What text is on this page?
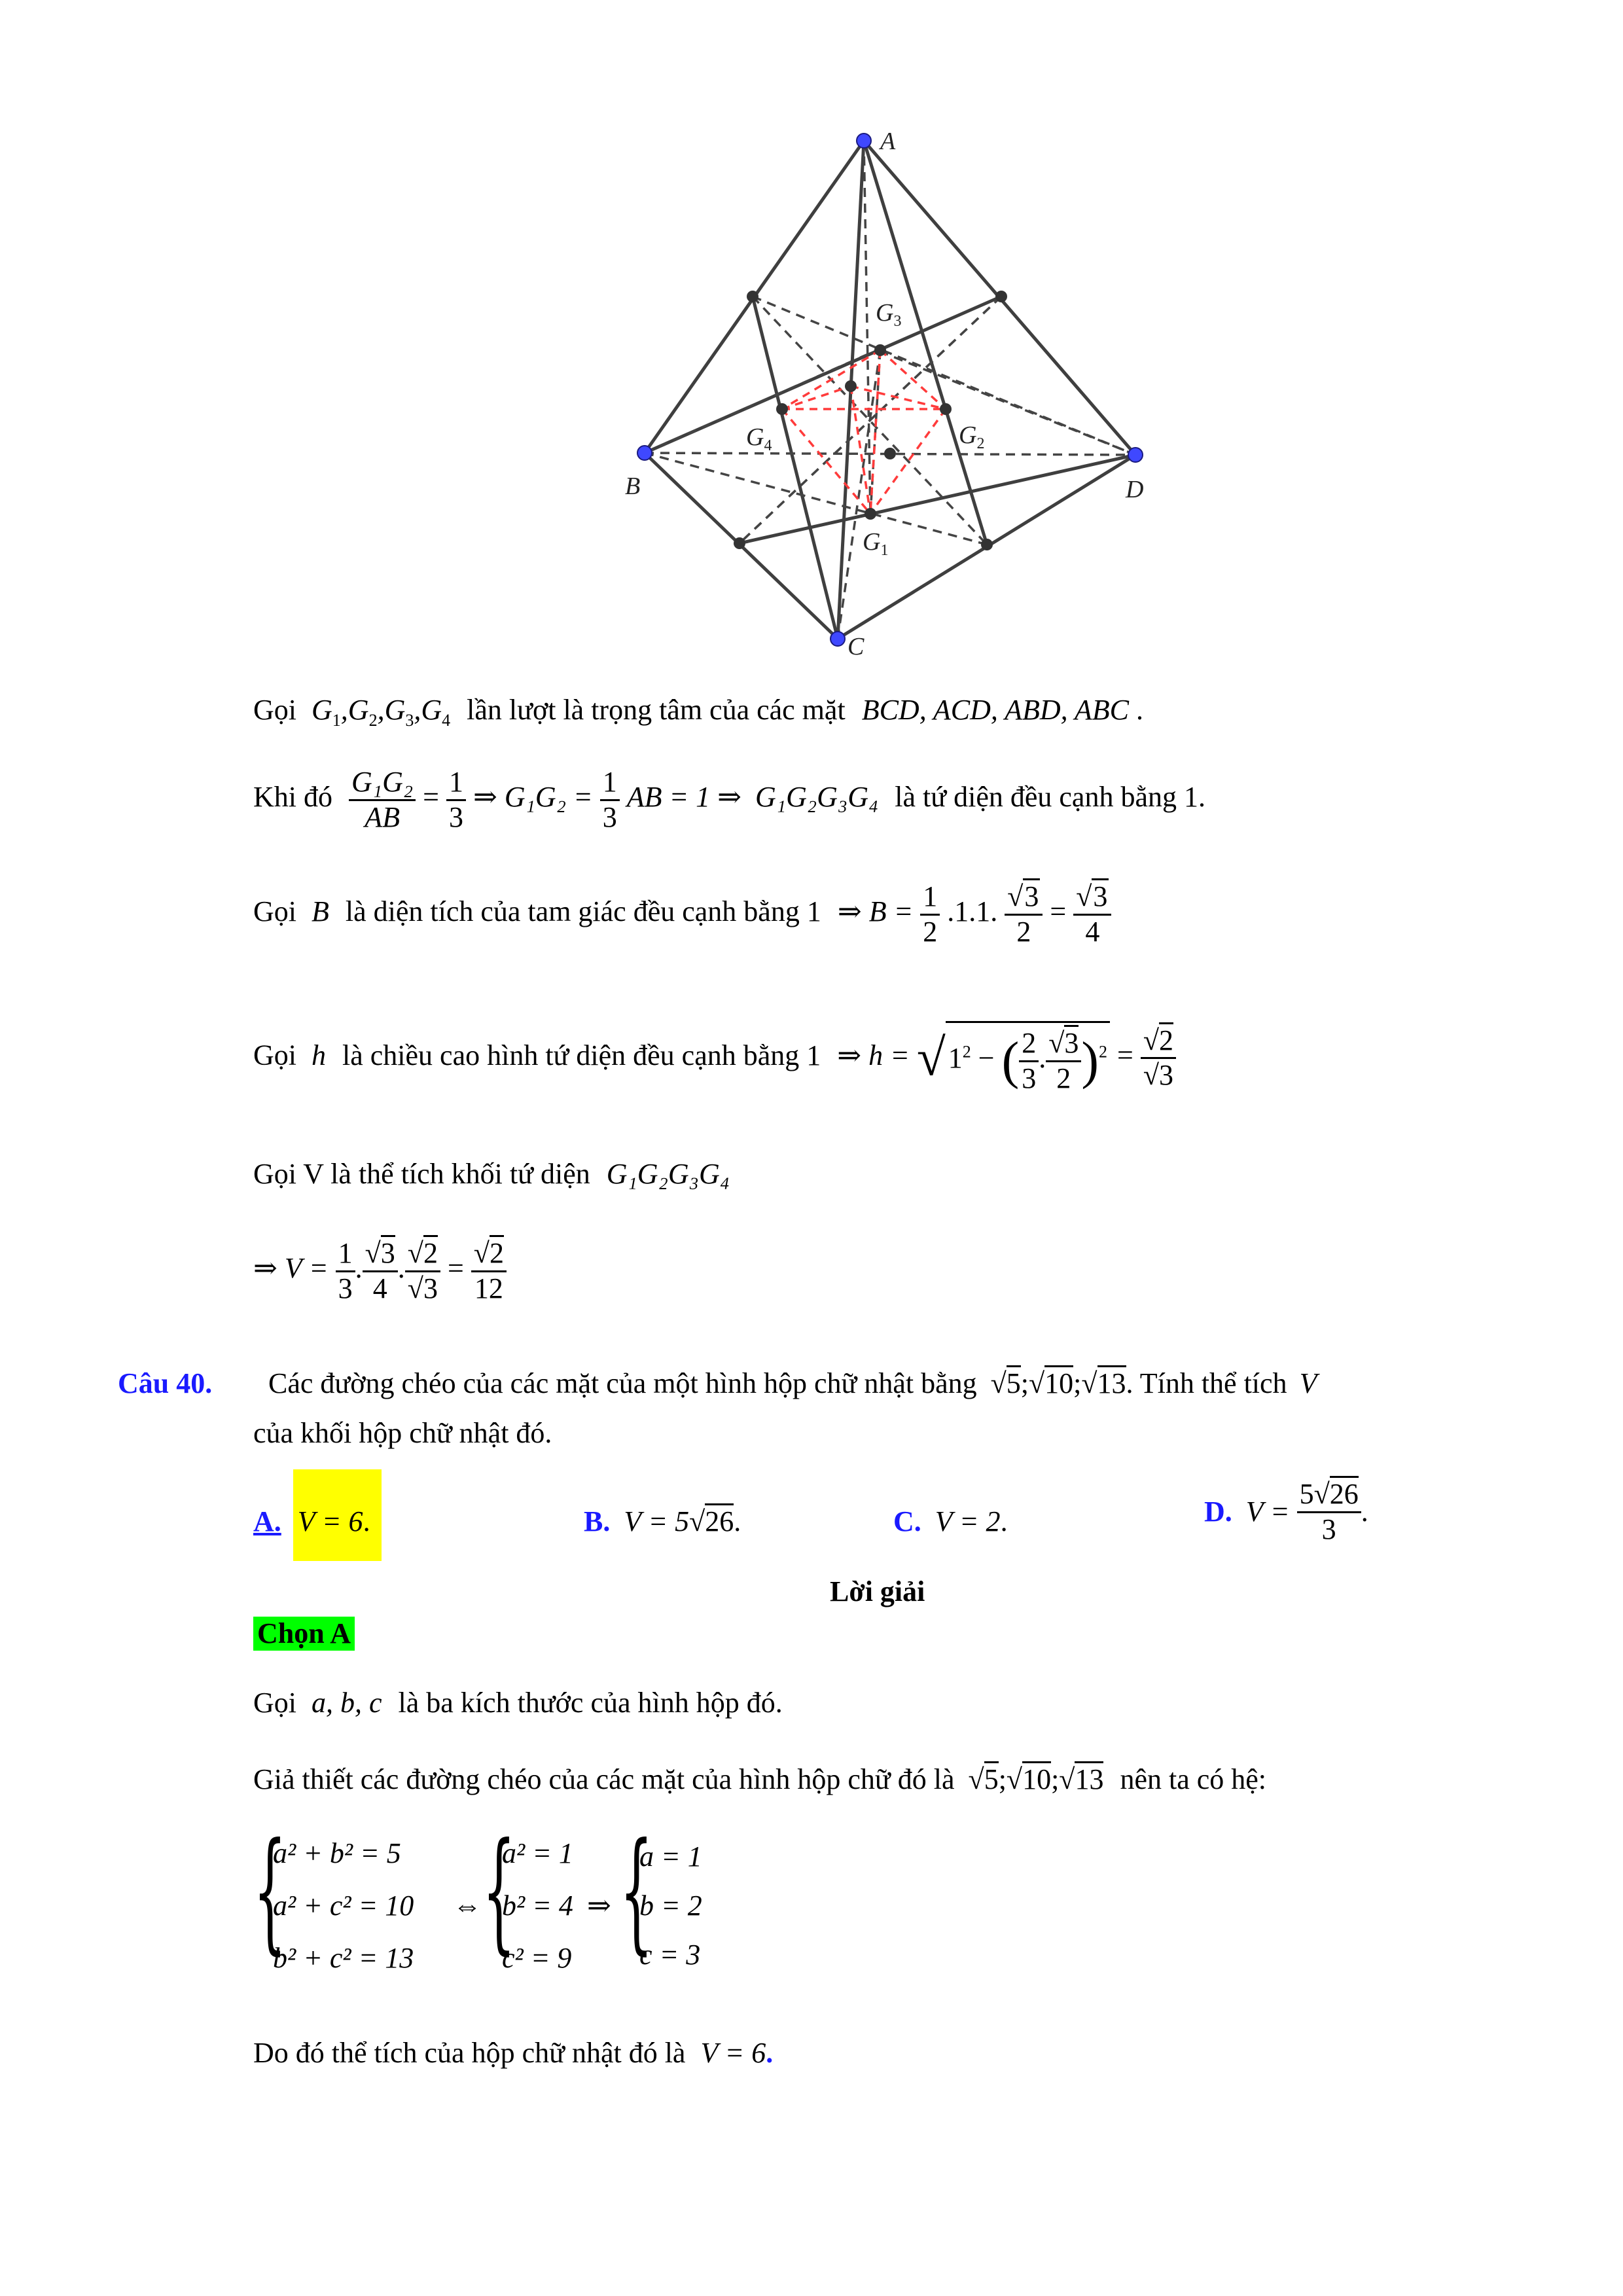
A
B
C
D
$G_3$
$G_4$	$G_2$
$G_1$
Gọi $G_1,G_2,G_3,G_4$ lần lượt là trọng tâm của các mặt BCD, ACD, ABD, ABC .
Khi đó $\frac{\text{G₁G₂}}{AB} = \frac{1}{3}$ ⇒ $G_1G_2 = \frac{1}{3}$ AB = 1 ⇒ G₁G₂G₃G₄ là tứ diện đều cạnh bằng 1.
Gọi B là diện tích của tam giác đều cạnh bằng 1 ⇒ $B = \frac{1}{2} .1.1$. $\frac{√3}{2} = \frac{√3}{4}$
Gọi h là chiều cao hình tứ diện đều cạnh bằng 1 ⇒ $h = √1^2$ − ( $\frac{2}{3}$ . $\frac{√3}{2} )^2 = \frac{√2}{√3}$
Gọi V là thể tích khối tứ diện G₁G₂G₃G₄
⇒ $V = \frac{1}{3}$ . $\frac{√3}{4}$ . $\frac{√2}{√3} = \frac{√2}{12}$
Câu 40. Các đường chéo của các mặt của một hình hộp chữ nhật bằng √5;√10;√13. Tính thể tích V
của khối hộp chữ nhật đó.
A. V = 6.	B. V = 5√26.	C. V = 2.	D. $V = \frac{5√26}{3}$ .
Lời giải
Chọn A
Gọi a, b, c là ba kích thước của hình hộp đó.
Giả thiết các đường chéo của các mặt của hình hộp chữ đó là √5;√10;√13 nên ta có hệ:
{
a² + b² = 5
a² + c² = 10
b² + c² = 13
⇔ {
a² = 1
b² = 4
c² = 9
⇒ {
a = 1
b = 2
c = 3
Do đó thể tích của hộp chữ nhật đó là V = 6.
